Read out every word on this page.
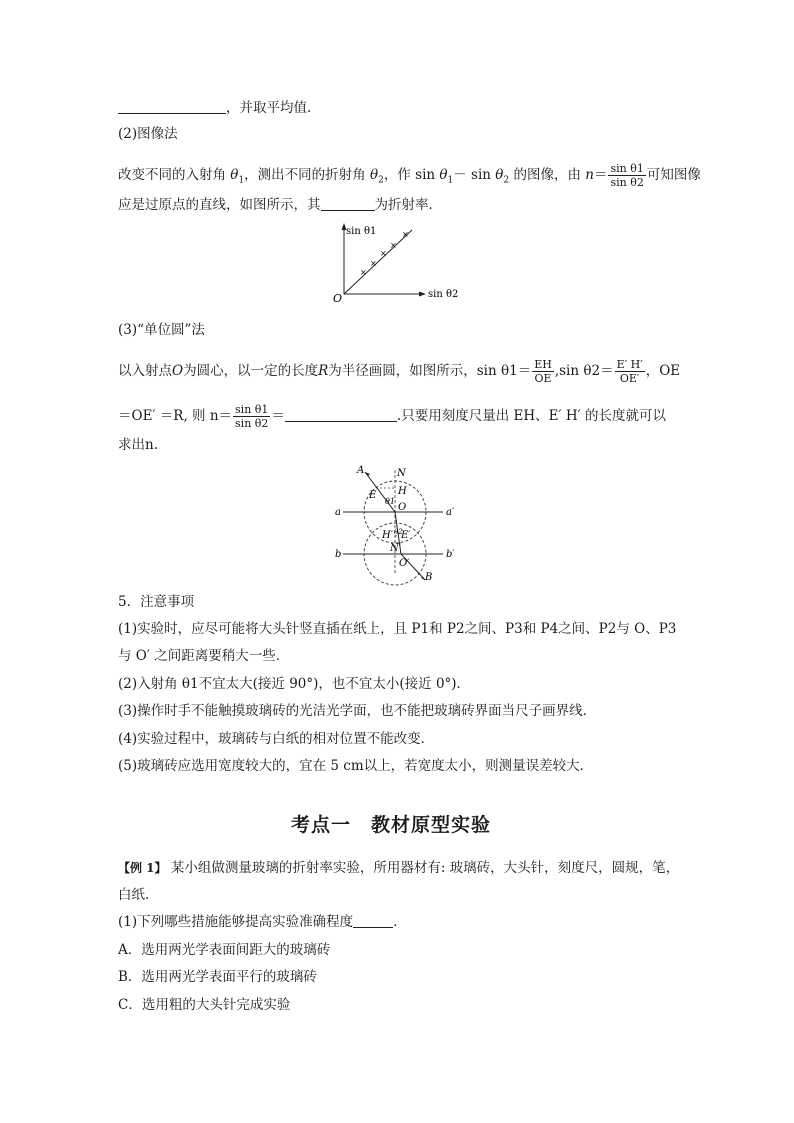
，并取平均值．
(2)图像法
改变不同的入射角 $\theta_1$，测出不同的折射角 $\theta_2$，作 $\sin \theta_1- \sin \theta_2$ 的图像，由 $n= \frac{\text{sin θ1}}{\text{sin θ2}}$ 可知图像
应是过原点的直线，如图所示，其	为折射率．
sin θ1
sin θ2
O
×
×
×
×
×
(3)“单位圆”法
以入射点O为圆心，以一定的长度R为半径画圆，如图所示，$\sin \theta 1= \frac{EH}{OE} ,\sin$ $\theta 2= \frac{E' H'}{OE'}$ ，OE
＝OE′ ＝R, 则 $n= \frac{\text{sin θ1}}{\text{sin θ2}}$ ＝	.只要用刻度尺量出 EH、E′ H′ 的长度就可以
求出n.
A	N
E H
θ1
a	O	a′
θ2
H′ E′
N′
b	b′
O′
B
5．注意事项
(1)实验时，应尽可能将大头针竖直插在纸上，且 P1和 P2之间、P3和 P4之间、P2与 O、P3
与 O′ 之间距离要稍大一些．
(2)入射角 θ1不宜太大(接近 90°)，也不宜太小(接近 0°)．
(3)操作时手不能触摸玻璃砖的光洁光学面，也不能把玻璃砖界面当尺子画界线．
(4)实验过程中，玻璃砖与白纸的相对位置不能改变．
(5)玻璃砖应选用宽度较大的，宜在 5 cm以上，若宽度太小，则测量误差较大．
考点一　教材原型实验
【例 1】 某小组做测量玻璃的折射率实验，所用器材有: 玻璃砖，大头针，刻度尺，圆规，笔，
白纸．
(1)下列哪些措施能够提高实验准确程度	．
A．选用两光学表面间距大的玻璃砖
B．选用两光学表面平行的玻璃砖
C．选用粗的大头针完成实验
